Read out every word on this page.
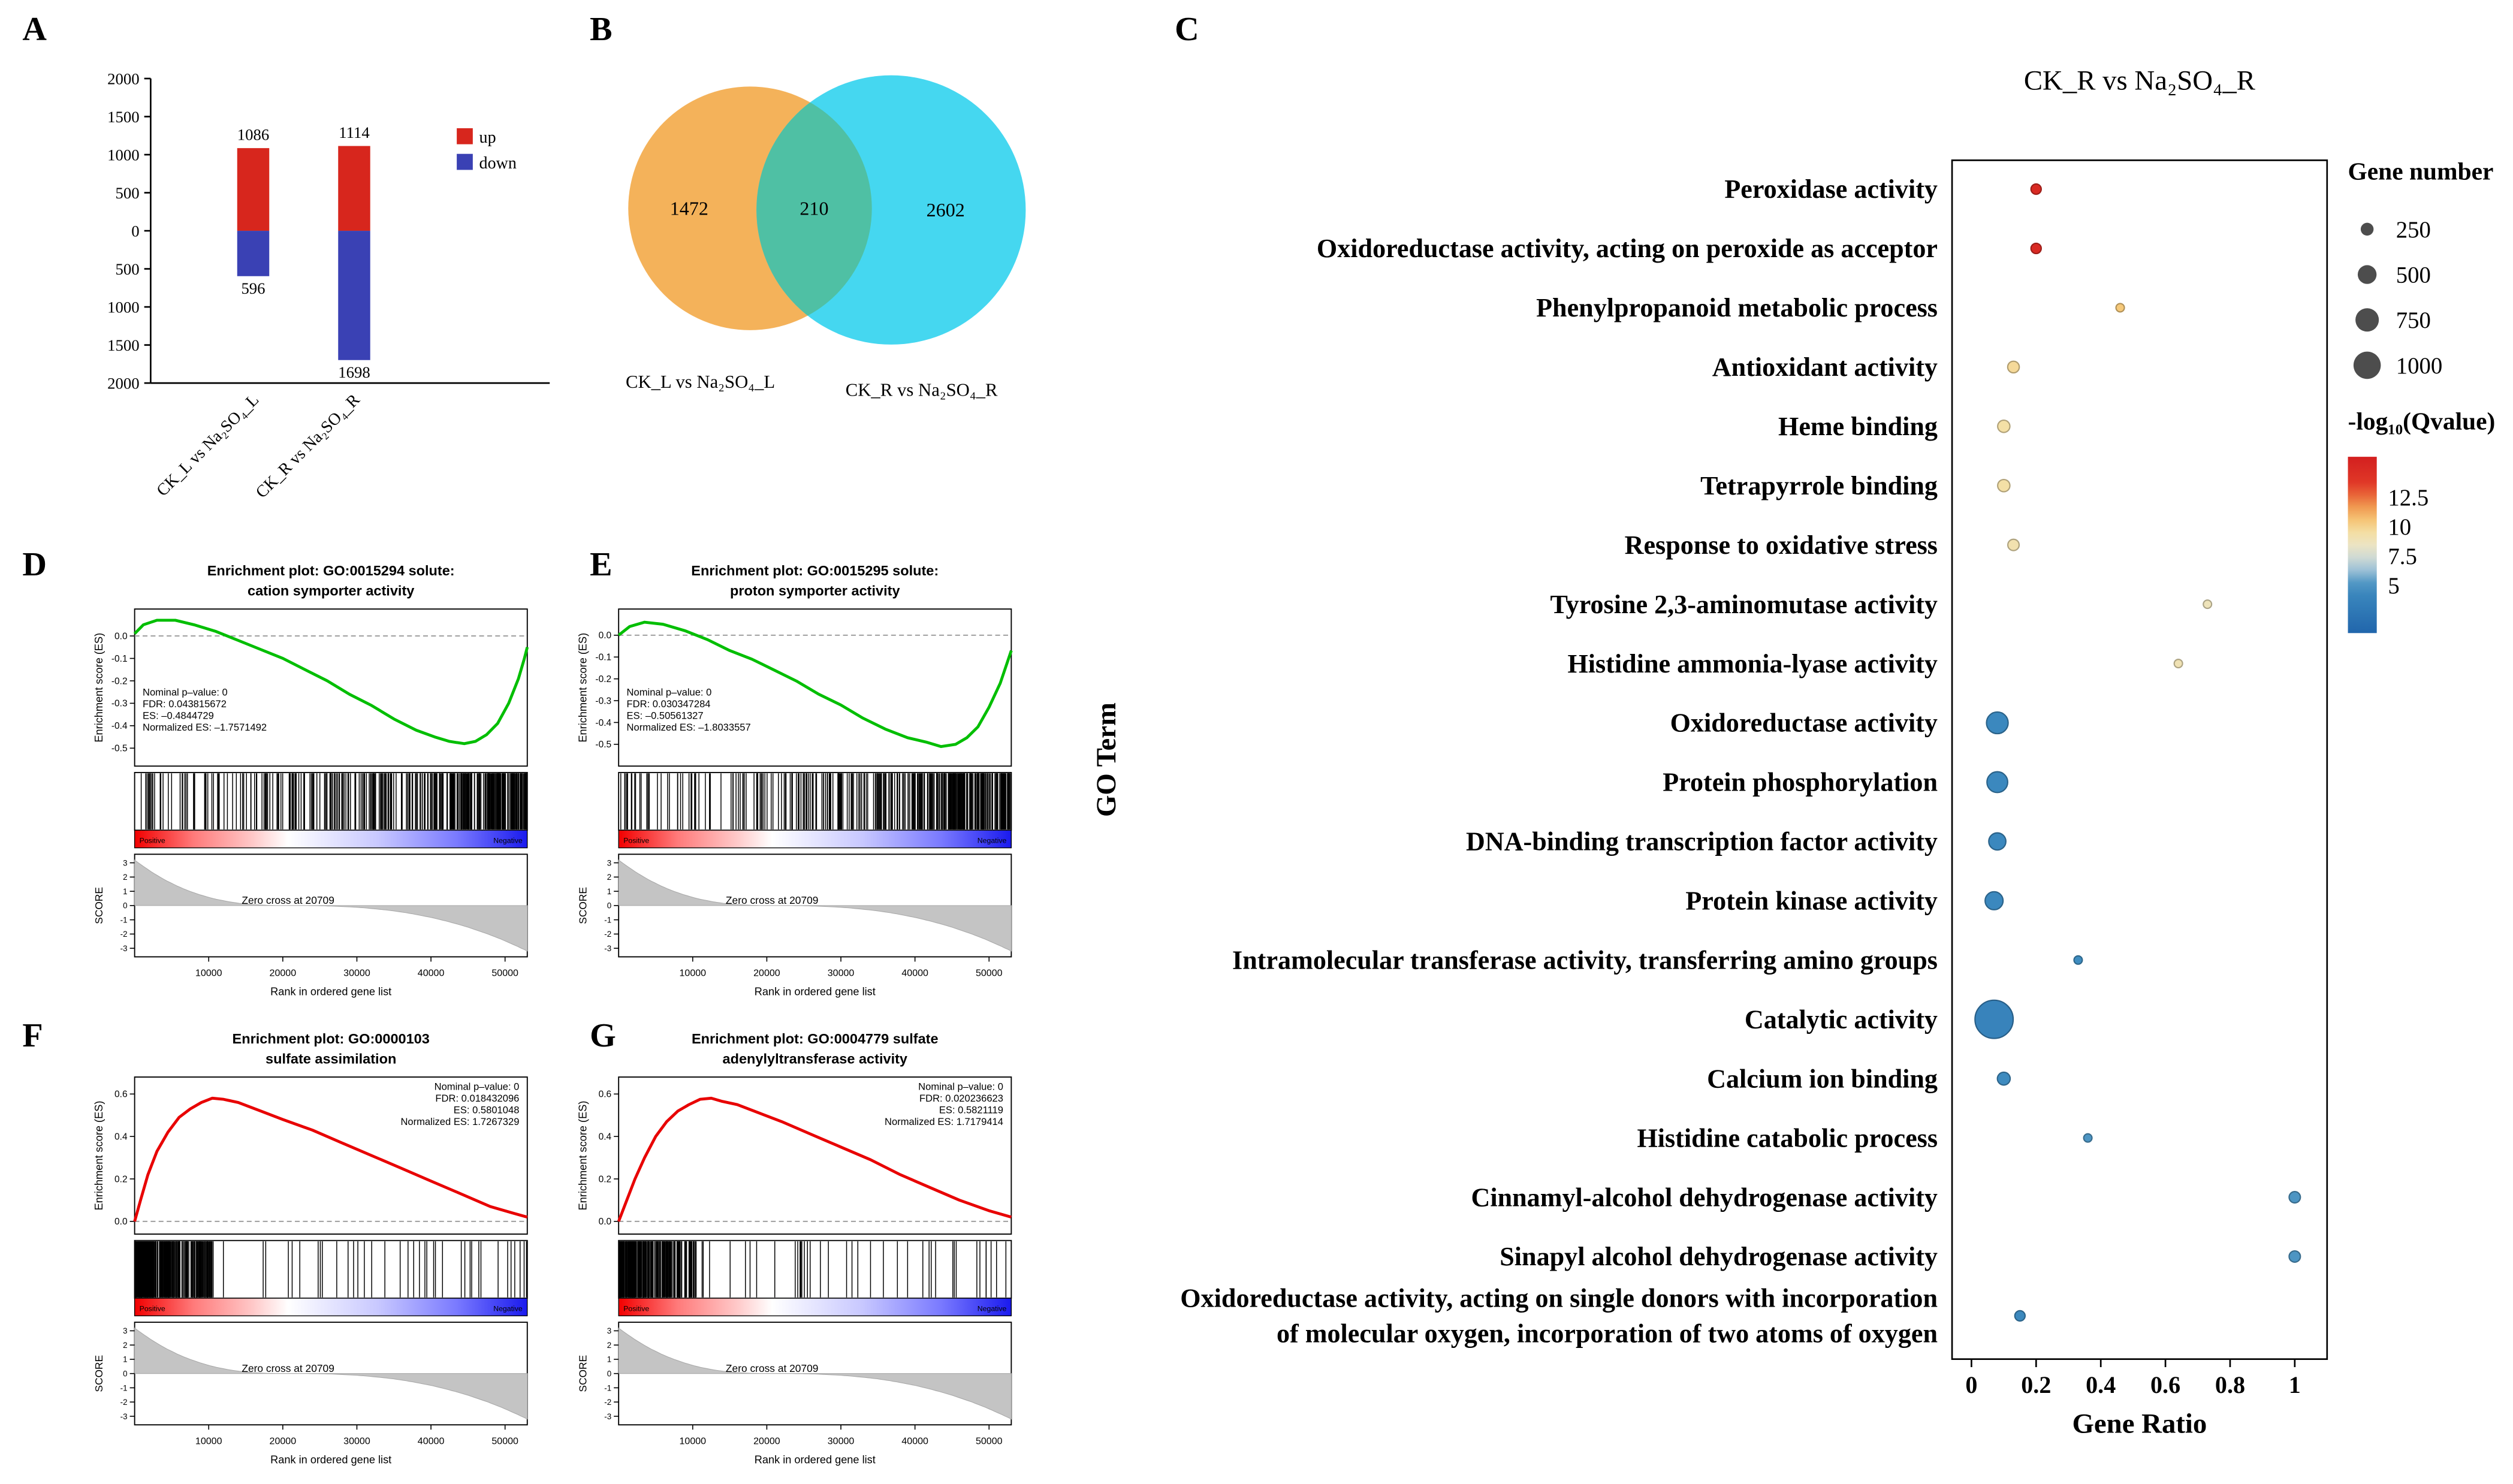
A	B	C
D	E
F	G
2000
1500
1000
500
0
500
1000
1500
2000
1086
596
CK_L vs Na₂SO₄_L
1114
1698
CK_R vs Na₂SO₄_R
up
down
1472	210	2602
CK_L vs Na₂SO₄_L	CK_R vs Na₂SO₄_R
CK_R vs Na₂SO₄_R
0	0.2	0.4	0.6	0.8	1
Gene Ratio
GO Term
Peroxidase activity
Oxidoreductase activity, acting on peroxide as acceptor
Phenylpropanoid metabolic process
Antioxidant activity
Heme binding
Tetrapyrrole binding
Response to oxidative stress
Tyrosine 2,3-aminomutase activity
Histidine ammonia-lyase activity
Oxidoreductase activity
Protein phosphorylation
DNA-binding transcription factor activity
Protein kinase activity
Intramolecular transferase activity, transferring amino groups
Catalytic activity
Calcium ion binding
Histidine catabolic process
Cinnamyl-alcohol dehydrogenase activity
Sinapyl alcohol dehydrogenase activity
Oxidoreductase activity, acting on single donors with incorporation
of molecular oxygen, incorporation of two atoms of oxygen
Gene number
250
500
750
1000
-log₁₀(Qvalue)
12.5
10
7.5
5
Enrichment plot: GO:0015294 solute:
cation symporter activity
0.0
-0.1
-0.2
-0.3
-0.4
-0.5
Enrichment score (ES)	Nominal p–value: 0
FDR: 0.043815672
ES: –0.4844729
Normalized ES: –1.7571492
Positive	Negative
3
2
1
0
-1
-2
-3
SCORE	Zero cross at 20709
10000	20000	30000	40000	50000
Rank in ordered gene list
Enrichment plot: GO:0015295 solute:
proton symporter activity
0.0
-0.1
-0.2
-0.3
-0.4
-0.5
Enrichment score (ES)	Nominal p–value: 0
FDR: 0.030347284
ES: –0.50561327
Normalized ES: –1.8033557
Positive	Negative
3
2
1
0
-1
-2
-3
SCORE	Zero cross at 20709
10000	20000	30000	40000	50000
Rank in ordered gene list
Enrichment plot: GO:0000103
sulfate assimilation
0.6
0.4
0.2
0.0
Enrichment score (ES)
Nominal p–value: 0
FDR: 0.018432096
ES: 0.5801048
Normalized ES: 1.7267329
Positive	Negative
3
2
1
0
-1
-2
-3
SCORE	Zero cross at 20709
10000	20000	30000	40000	50000
Rank in ordered gene list
Enrichment plot: GO:0004779 sulfate
adenylyltransferase activity
0.6
0.4
0.2
0.0
Enrichment score (ES)
Nominal p–value: 0
FDR: 0.020236623
ES: 0.5821119
Normalized ES: 1.7179414
Positive	Negative
3
2
1
0
-1
-2
-3
SCORE	Zero cross at 20709
10000	20000	30000	40000	50000
Rank in ordered gene list
